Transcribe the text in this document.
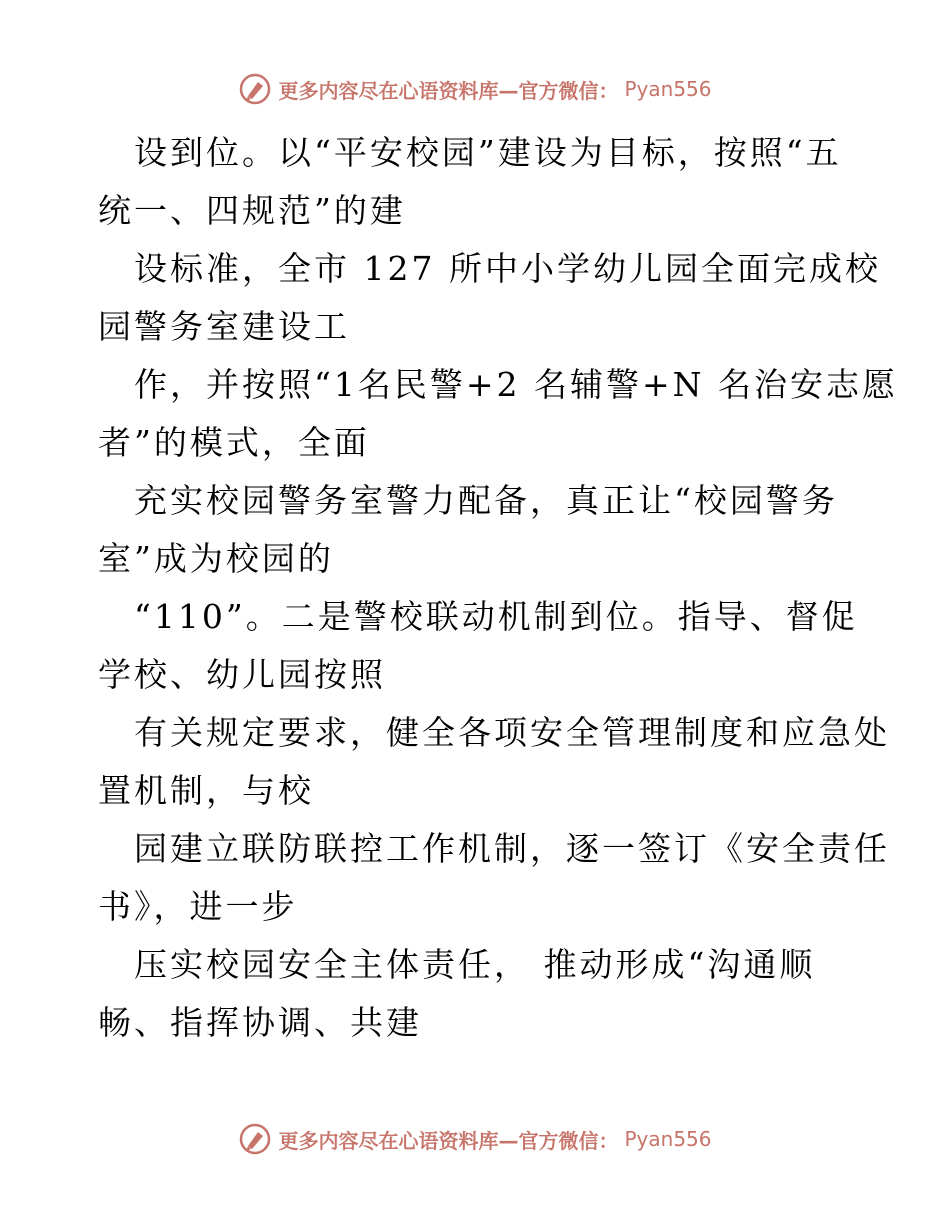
更多内容尽在心语资料库—官方微信： Pyan556

设到位。以“平安校园”建设为目标，按照“五
统一、四规范”的建

设标准，全市 127 所中小学幼儿园全面完成校
园警务室建设工

作，并按照“1名民警+2 名辅警+N 名治安志愿
者”的模式，全面

充实校园警务室警力配备，真正让“校园警务
室”成为校园的

“110”。二是警校联动机制到位。指导、督促
学校、幼儿园按照

有关规定要求，健全各项安全管理制度和应急处
置机制，与校

园建立联防联控工作机制，逐一签订《安全责任
书》，进一步

压实校园安全主体责任， 推动形成“沟通顺
畅、指挥协调、共建

更多内容尽在心语资料库—官方微信： Pyan556
